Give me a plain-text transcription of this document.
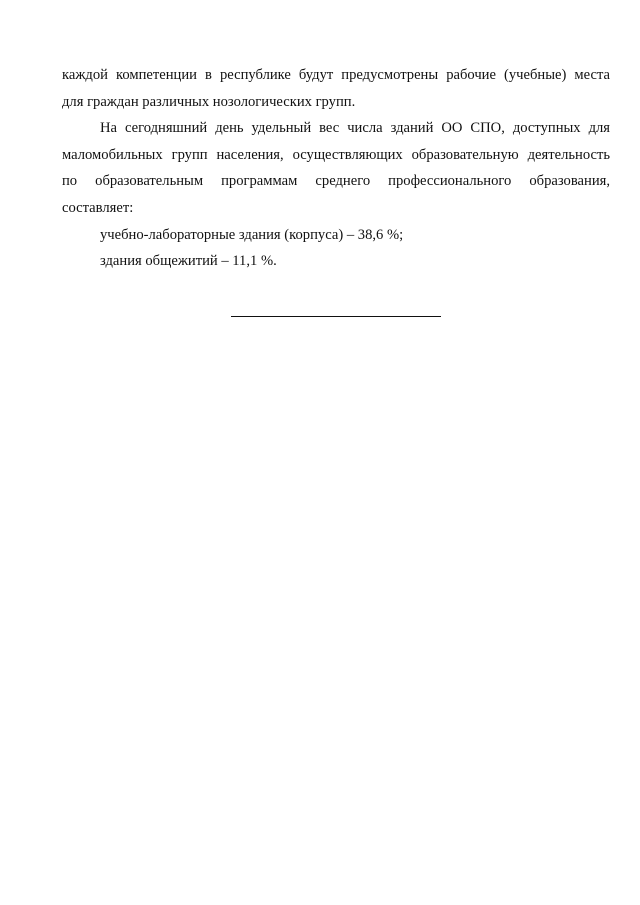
каждой компетенции в республике будут предусмотрены рабочие (учебные) места
для граждан различных нозологических групп.

На сегодняшний день удельный вес числа зданий ОО СПО, доступных для
маломобильных групп населения, осуществляющих образовательную деятельность
по образовательным программам среднего профессионального образования,
составляет:

учебно-лабораторные здания (корпуса) – 38,6 %;

здания общежитий – 11,1 %.
